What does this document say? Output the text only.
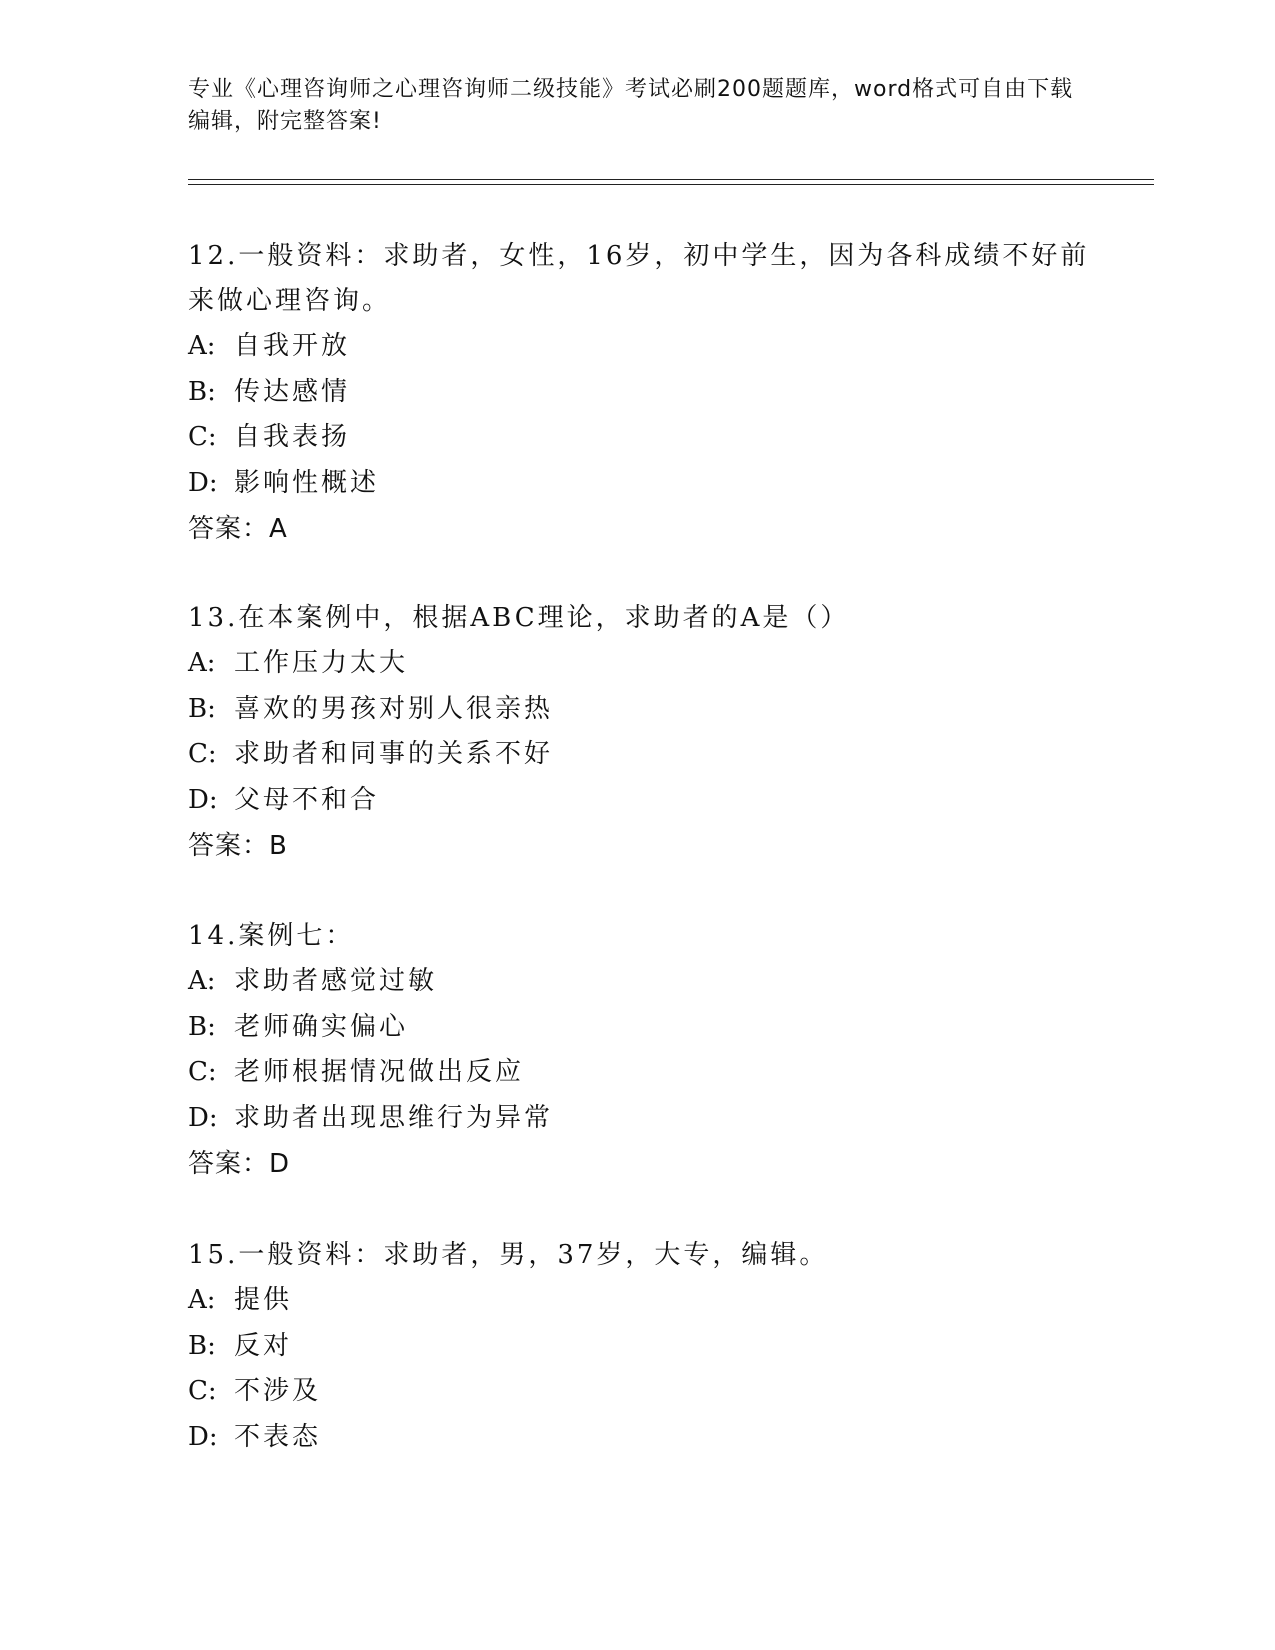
专业《心理咨询师之心理咨询师二级技能》考试必刷200题题库，word格式可自由下载编辑，附完整答案!
12.一般资料：求助者，女性，16岁，初中学生，因为各科成绩不好前来做心理咨询。
A: 自我开放
B: 传达感情
C: 自我表扬
D: 影响性概述
答案：A
13.在本案例中，根据ABC理论，求助者的A是（）
A: 工作压力太大
B: 喜欢的男孩对别人很亲热
C: 求助者和同事的关系不好
D: 父母不和合
答案：B
14.案例七：
A: 求助者感觉过敏
B: 老师确实偏心
C: 老师根据情况做出反应
D: 求助者出现思维行为异常
答案：D
15.一般资料：求助者，男，37岁，大专，编辑。
A: 提供
B: 反对
C: 不涉及
D: 不表态
